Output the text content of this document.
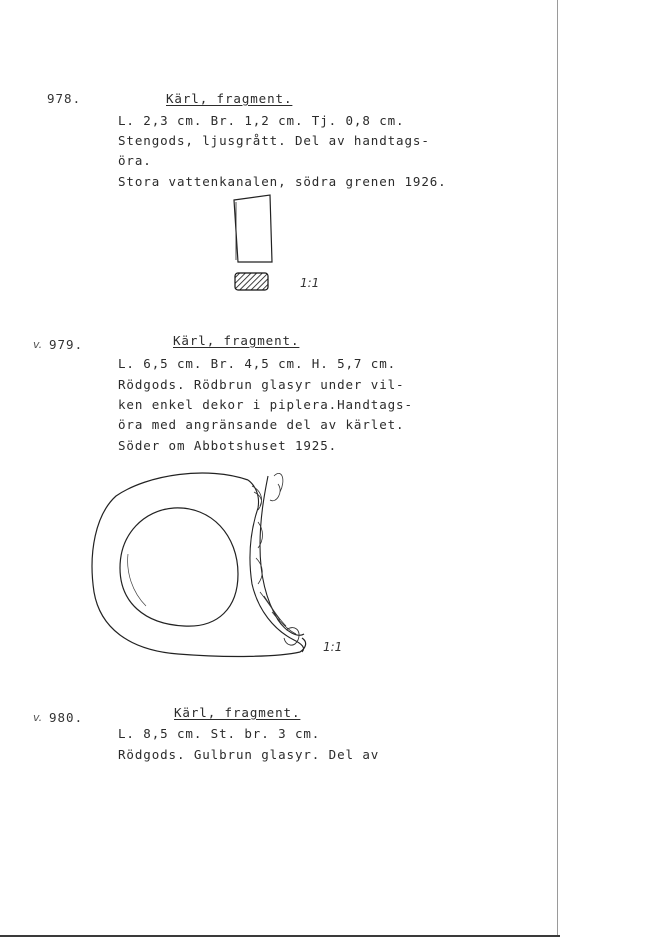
978.	Kärl, fragment.
L. 2,3 cm. Br. 1,2 cm. Tj. 0,8 cm.
Stengods, ljusgrått. Del av handtags-
öra.
Stora vattenkanalen, södra grenen 1926.
1:1
v. 979.	Kärl, fragment.
L. 6,5 cm. Br. 4,5 cm. H. 5,7 cm.
Rödgods. Rödbrun glasyr under vil-
ken enkel dekor i piplera.Handtags-
öra med angränsande del av kärlet.
Söder om Abbotshuset 1925.
1:1
v. 980.	Kärl, fragment.
L. 8,5 cm. St. br. 3 cm.
Rödgods. Gulbrun glasyr. Del av
